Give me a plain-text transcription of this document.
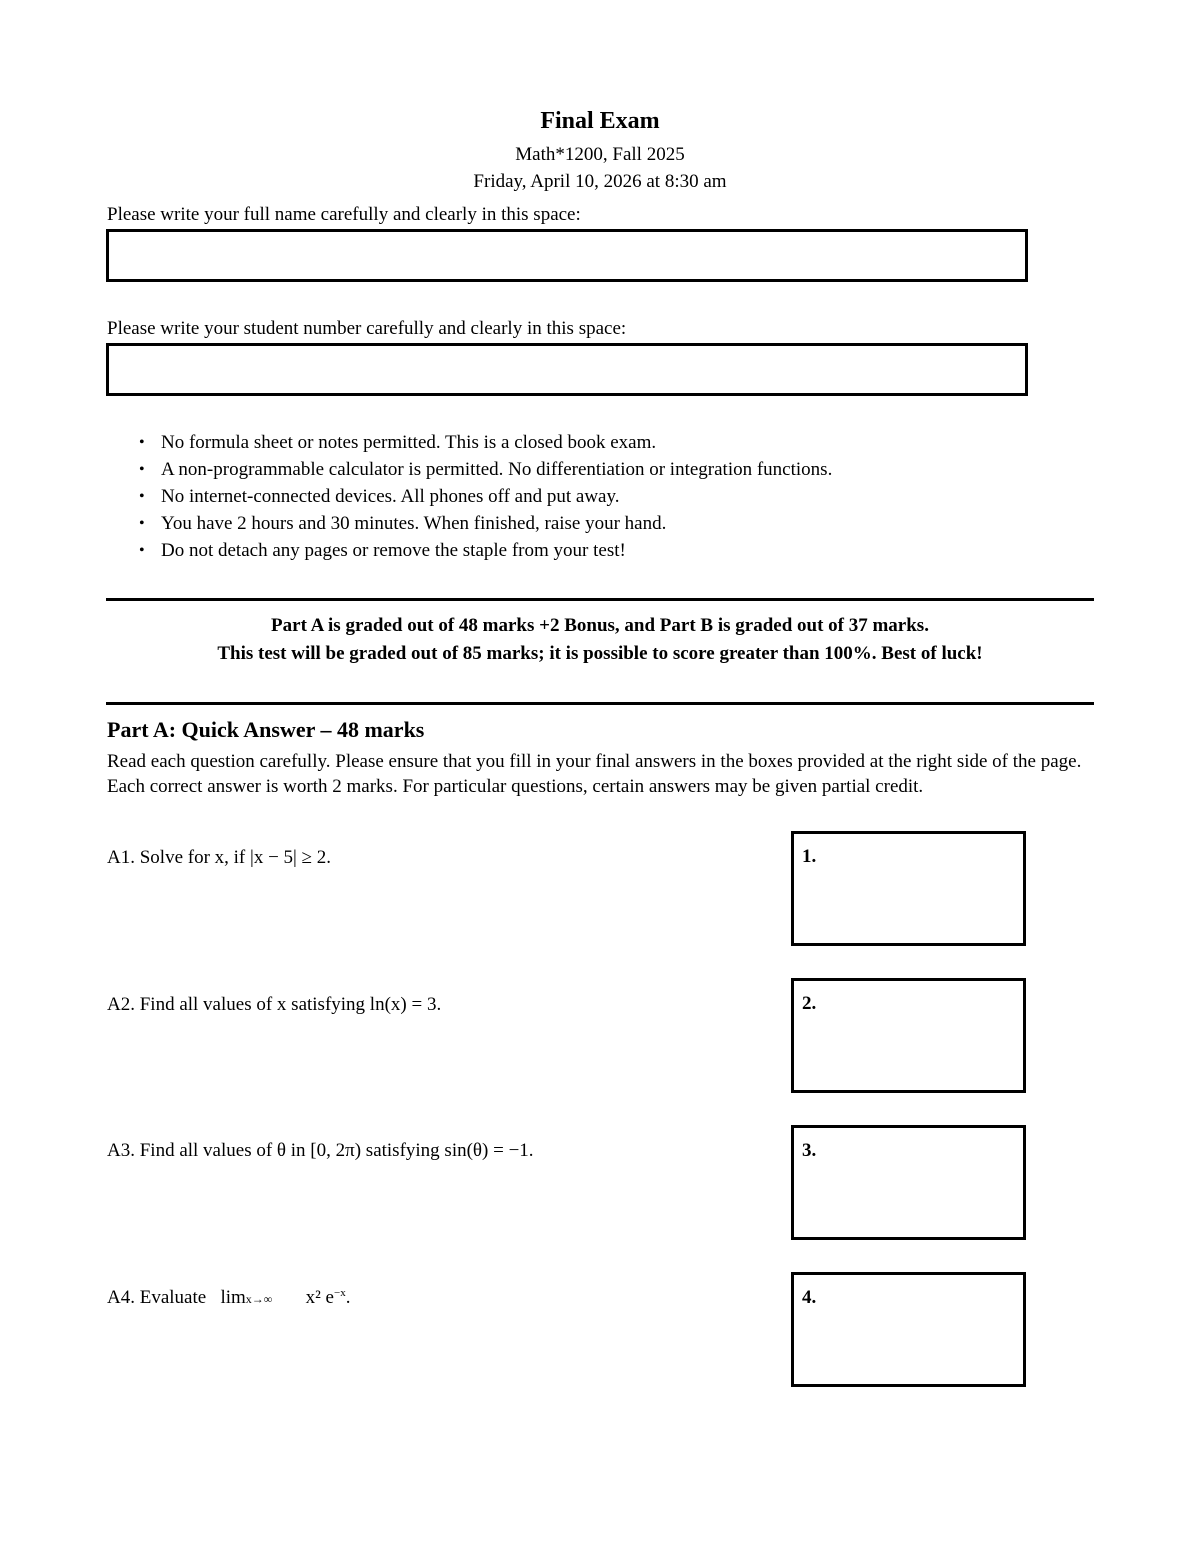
Final Exam
Math*1200, Fall 2025
Friday, April 10, 2026 at 8:30 am
Please write your full name carefully and clearly in this space:
Please write your student number carefully and clearly in this space:
• No formula sheet or notes permitted. This is a closed book exam.
• A non-programmable calculator is permitted. No differentiation or integration functions.
• No internet-connected devices. All phones off and put away.
• You have 2 hours and 30 minutes. When finished, raise your hand.
• Do not detach any pages or remove the staple from your test!
Part A is graded out of 48 marks +2 Bonus, and Part B is graded out of 37 marks.
This test will be graded out of 85 marks; it is possible to score greater than 100%. Best of luck!
Part A: Quick Answer – 48 marks
Read each question carefully. Please ensure that you fill in your final answers in the boxes provided at the right side of the page. Each correct answer is worth 2 marks. For particular questions, certain answers may be given partial credit.
A1. Solve for x, if |x − 5| ≥ 2.	1.
A2. Find all values of x satisfying ln(x) = 3.	2.
A3. Find all values of θ in [0, 2π) satisfying sin(θ) = −1.	3.
A4. Evaluate limx→∞ x² $e^{-x}$.	4.
